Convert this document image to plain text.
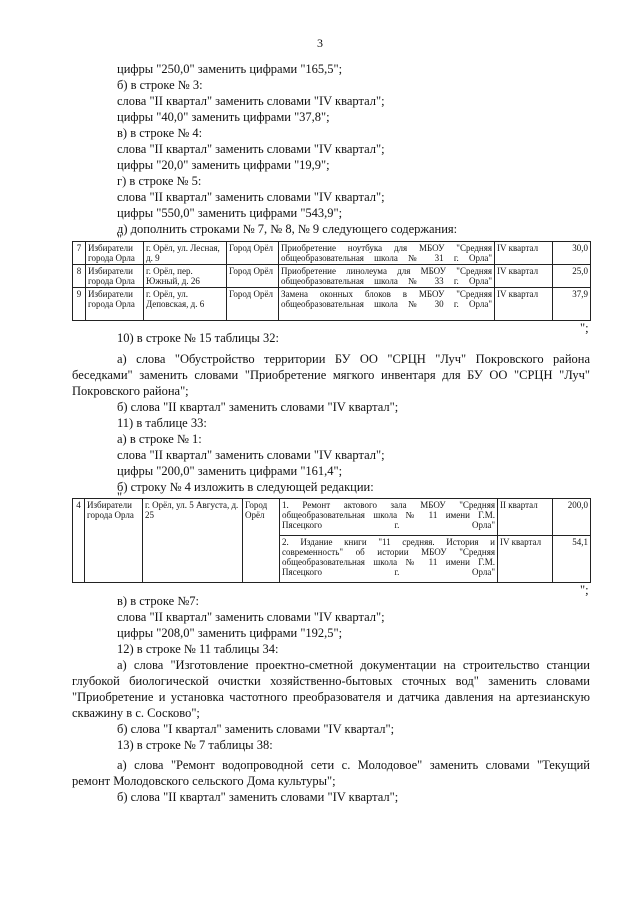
3
цифры "250,0" заменить цифрами "165,5";
б) в строке № 3:
слова "II квартал" заменить словами "IV квартал";
цифры "40,0" заменить цифрами "37,8";
в) в строке № 4:
слова "II квартал" заменить словами "IV квартал";
цифры "20,0" заменить цифрами "19,9";
г) в строке № 5:
слова "II квартал" заменить словами "IV квартал";
цифры "550,0" заменить цифрами "543,9";
д) дополнить строками № 7, № 8, № 9 следующего содержания:
"
7	Избиратели города Орла	г. Орёл, ул. Лесная, д. 9	Город Орёл	Приобретение ноутбука для МБОУ "Средняя общеобразовательная школа № 31 г. Орла"	IV квартал	30,0
8	Избиратели города Орла	г. Орёл, пер. Южный, д. 26	Город Орёл	Приобретение линолеума для МБОУ "Средняя общеобразовательная школа № 33 г. Орла"	IV квартал	25,0
9	Избиратели города Орла	г. Орёл, ул. Деповская, д. 6	Город Орёл	Замена оконных блоков в МБОУ "Средняя общеобразовательная школа № 30 г. Орла"	IV квартал	37,9
";
10) в строке № 15 таблицы 32:
а) слова "Обустройство территории БУ ОО "СРЦН "Луч" Покровского района
беседками" заменить словами "Приобретение мягкого инвентаря для БУ ОО "СРЦН "Луч"
Покровского района";
б) слова "II квартал" заменить словами "IV квартал";
11) в таблице 33:
а) в строке № 1:
слова "II квартал" заменить словами "IV квартал";
цифры "200,0" заменить цифрами "161,4";
б) строку № 4 изложить в следующей редакции:
"
4	Избиратели города Орла	г. Орёл, ул. 5 Августа, д. 25	Город Орёл	1. Ремонт актового зала МБОУ "Средняя общеобразовательная школа № 11 имени Г.М. Пясецкого г. Орла"	II квартал	200,0

				2. Издание книги "11 средняя. История и современность" об истории МБОУ "Средняя общеобразовательная школа № 11 имени Г.М. Пясецкого г. Орла"	IV квартал	54,1
";
в) в строке №7:
слова "II квартал" заменить словами "IV квартал";
цифры "208,0" заменить цифрами "192,5";
12) в строке № 11 таблицы 34:
а) слова "Изготовление проектно-сметной документации на строительство станции
глубокой биологической очистки хозяйственно-бытовых сточных вод" заменить словами
"Приобретение и установка частотного преобразователя и датчика давления на артезианскую
скважину в с. Сосково";
б) слова "I квартал" заменить словами "IV квартал";
13) в строке № 7 таблицы 38:
а) слова "Ремонт водопроводной сети с. Молодовое" заменить словами "Текущий
ремонт Молодовского сельского Дома культуры";
б) слова "II квартал" заменить словами "IV квартал";
